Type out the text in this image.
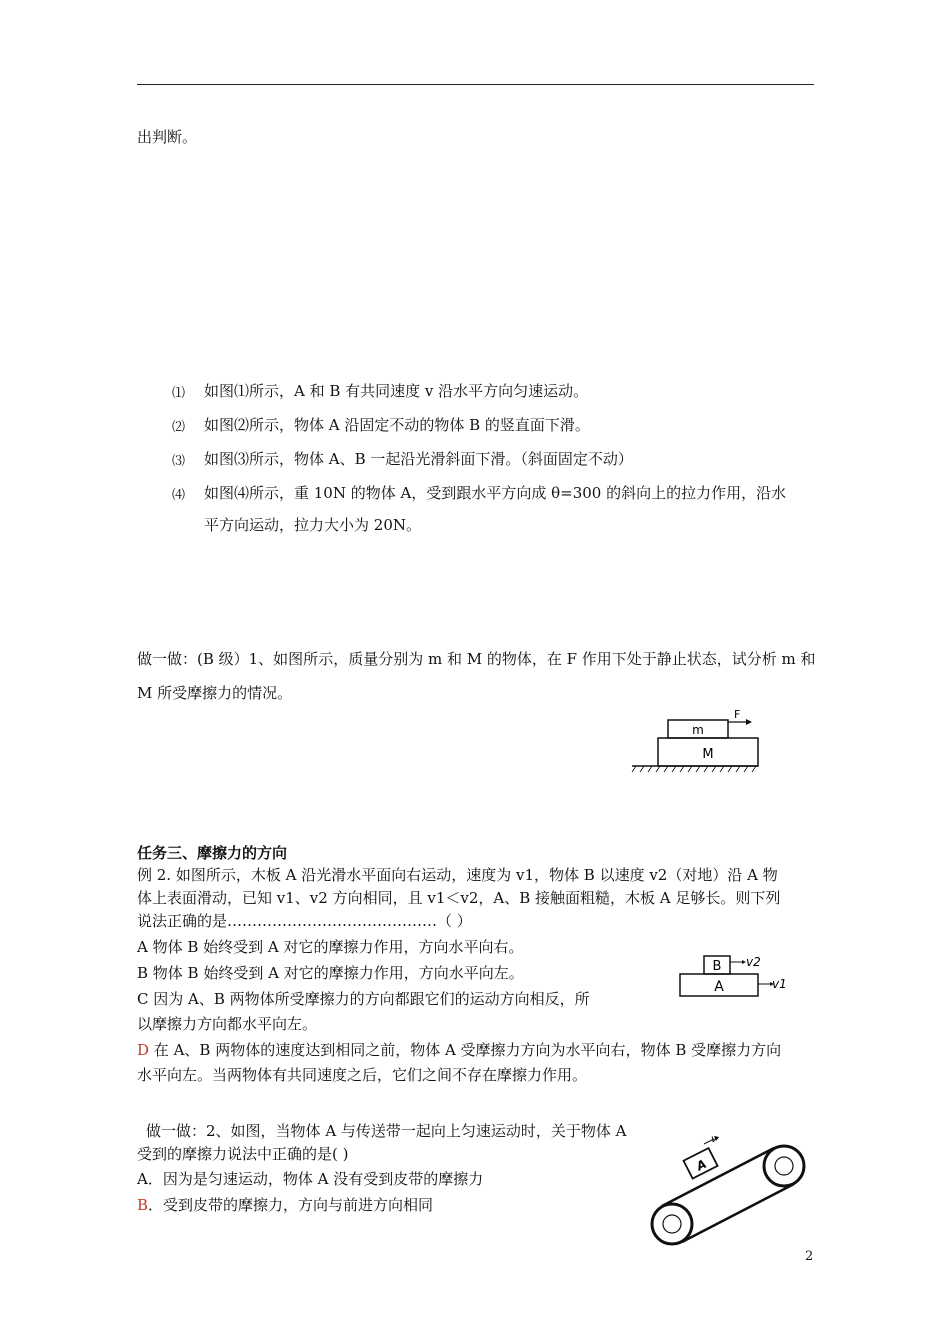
出判断。
⑴ 如图⑴所示，A 和 B 有共同速度 v 沿水平方向匀速运动。
⑵ 如图⑵所示，物体 A 沿固定不动的物体 B 的竖直面下滑。
⑶ 如图⑶所示，物体 A、B 一起沿光滑斜面下滑。（斜面固定不动）
⑷ 如图⑷所示，重 10N 的物体 A，受到跟水平方向成 θ=300 的斜向上的拉力作用，沿水
平方向运动，拉力大小为 20N。
做一做：(B 级）1、如图所示，质量分别为 m 和 M 的物体，在 F 作用下处于静止状态，试分析 m 和
M 所受摩擦力的情况。
m
M
F
任务三、摩擦力的方向
例 2. 如图所示，木板 A 沿光滑水平面向右运动，速度为 v1，物体 B 以速度 v2（对地）沿 A 物
体上表面滑动，已知 v1、v2 方向相同，且 v1＜v2，A、B 接触面粗糙，木板 A 足够长。则下列
说法正确的是……………………………………（ ）
A 物体 B 始终受到 A 对它的摩擦力作用，方向水平向右。
B 物体 B 始终受到 A 对它的摩擦力作用，方向水平向左。
C 因为 A、B 两物体所受摩擦力的方向都跟它们的运动方向相反，所
以摩擦力方向都水平向左。
D 在 A、B 两物体的速度达到相同之前，物体 A 受摩擦力方向为水平向右，物体 B 受摩擦力方向
水平向左。当两物体有共同速度之后，它们之间不存在摩擦力作用。
B
A
v2
v1
做一做：2、如图，当物体 A 与传送带一起向上匀速运动时，关于物体 A
受到的摩擦力说法中正确的是( )
A．因为是匀速运动，物体 A 没有受到皮带的摩擦力
B．受到皮带的摩擦力，方向与前进方向相同
A
v
2
